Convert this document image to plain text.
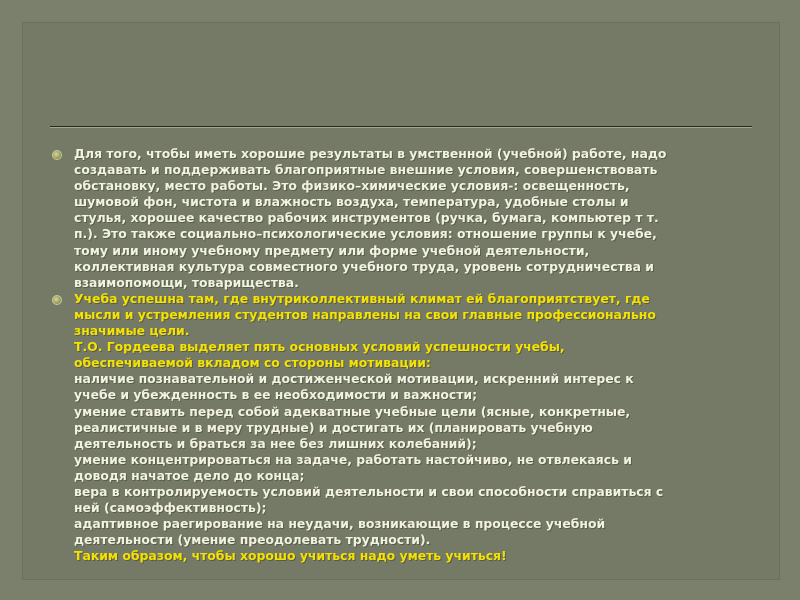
Для того, чтобы иметь хорошие результаты в умственной (учебной) работе, надо
создавать и поддерживать благоприятные внешние условия, совершенствовать
обстановку, место работы. Это физико–химические условия-: освещенность,
шумовой фон, чистота и влажность воздуха, температура, удобные столы и
стулья, хорошее качество рабочих инструментов (ручка, бумага, компьютер т т.
п.). Это также социально–психологические условия: отношение группы к учебе,
тому или иному учебному предмету или форме учебной деятельности,
коллективная культура совместного учебного труда, уровень сотрудничества и
взаимопомощи, товарищества.
Учеба успешна там, где внутриколлективный климат ей благоприятствует, где
мысли и устремления студентов направлены на свои главные профессионально
значимые цели.
Т.О. Гордеева выделяет пять основных условий успешности учебы,
обеспечиваемой вкладом со стороны мотивации:
наличие познавательной и достиженческой мотивации, искренний интерес к
учебе и убежденность в ее необходимости и важности;
умение ставить перед собой адекватные учебные цели (ясные, конкретные,
реалистичные и в меру трудные) и достигать их (планировать учебную
деятельность и браться за нее без лишних колебаний);
умение концентрироваться на задаче, работать настойчиво, не отвлекаясь и
доводя начатое дело до конца;
вера в контролируемость условий деятельности и свои способности справиться с
ней (самоэффективность);
адаптивное раегирование на неудачи, возникающие в процессе учебной
деятельности (умение преодолевать трудности).
Таким образом, чтобы хорошо учиться надо уметь учиться!
